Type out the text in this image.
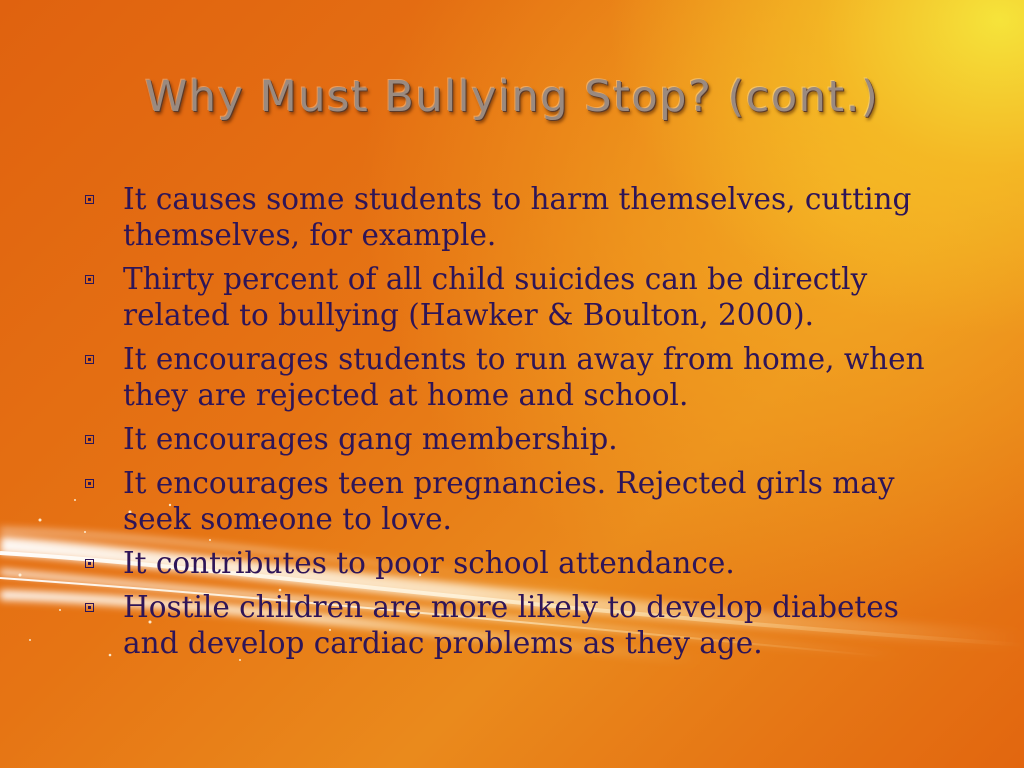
Why Must Bullying Stop? (cont.)
It causes some students to harm themselves, cutting themselves, for example.
Thirty percent of all child suicides can be directly related to bullying (Hawker & Boulton, 2000).
It encourages students to run away from home, when they are rejected at home and school.
It encourages gang membership.
It encourages teen pregnancies. Rejected girls may seek someone to love.
It contributes to poor school attendance.
Hostile children are more likely to develop diabetes and develop cardiac problems as they age.
